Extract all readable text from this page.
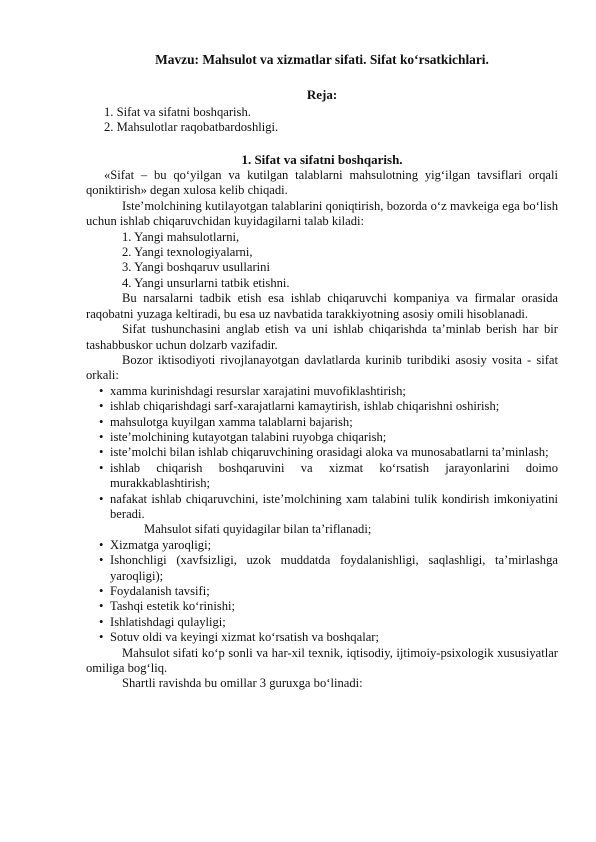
Mavzu: Mahsulot va xizmatlar sifati. Sifat ko‘rsatkichlari.
Reja:
1. Sifat va sifatni boshqarish.
2. Mahsulotlar raqobatbardoshligi.
1. Sifat va sifatni boshqarish.

«Sifat – bu qo‘yilgan va kutilgan talablarni mahsulotning yig‘ilgan tavsiflari orqali qoniktirish» degan xulosa kelib chiqadi.

Iste’molchining kutilayotgan talablarini qoniqtirish, bozorda o‘z mavkeiga ega bo‘lish uchun ishlab chiqaruvchidan kuyidagilarni talab kiladi:

1. Yangi mahsulotlarni,
2. Yangi texnologiyalarni,
3. Yangi boshqaruv usullarini
4. Yangi unsurlarni tatbik etishni.

Bu narsalarni tadbik etish esa ishlab chiqaruvchi kompaniya va firmalar orasida raqobatni yuzaga keltiradi, bu esa uz navbatida tarakkiyotning asosiy omili hisoblanadi.

Sifat tushunchasini anglab etish va uni ishlab chiqarishda ta’minlab berish har bir tashabbuskor uchun dolzarb vazifadir.

Bozor iktisodiyoti rivojlanayotgan davlatlarda kurinib turibdiki asosiy vosita - sifat orkali:

• xamma kurinishdagi resurslar xarajatini muvofiklashtirish;
• ishlab chiqarishdagi sarf-xarajatlarni kamaytirish, ishlab chiqarishni oshirish;
• mahsulotga kuyilgan xamma talablarni bajarish;
• iste’molchining kutayotgan talabini ruyobga chiqarish;
• iste’molchi bilan ishlab chiqaruvchining orasidagi aloka va munosabatlarni ta’minlash;
• ishlab chiqarish boshqaruvini va xizmat ko‘rsatish jarayonlarini doimo murakkablashtirish;
• nafakat ishlab chiqaruvchini, iste’molchining xam talabini tulik kondirish imkoniyatini beradi.
Mahsulot sifati quyidagilar bilan ta’riflanadi;
• Xizmatga yaroqligi;
• Ishonchligi (xavfsizligi, uzok muddatda foydalanishligi, saqlashligi, ta’mirlashga yaroqligi);
• Foydalanish tavsifi;
• Tashqi estetik ko‘rinishi;
• Ishlatishdagi qulayligi;
• Sotuv oldi va keyingi xizmat ko‘rsatish va boshqalar;

Mahsulot sifati ko‘p sonli va har-xil texnik, iqtisodiy, ijtimoiy-psixologik xususiyatlar omiliga bog‘liq.

Shartli ravishda bu omillar 3 guruxga bo‘linadi:
